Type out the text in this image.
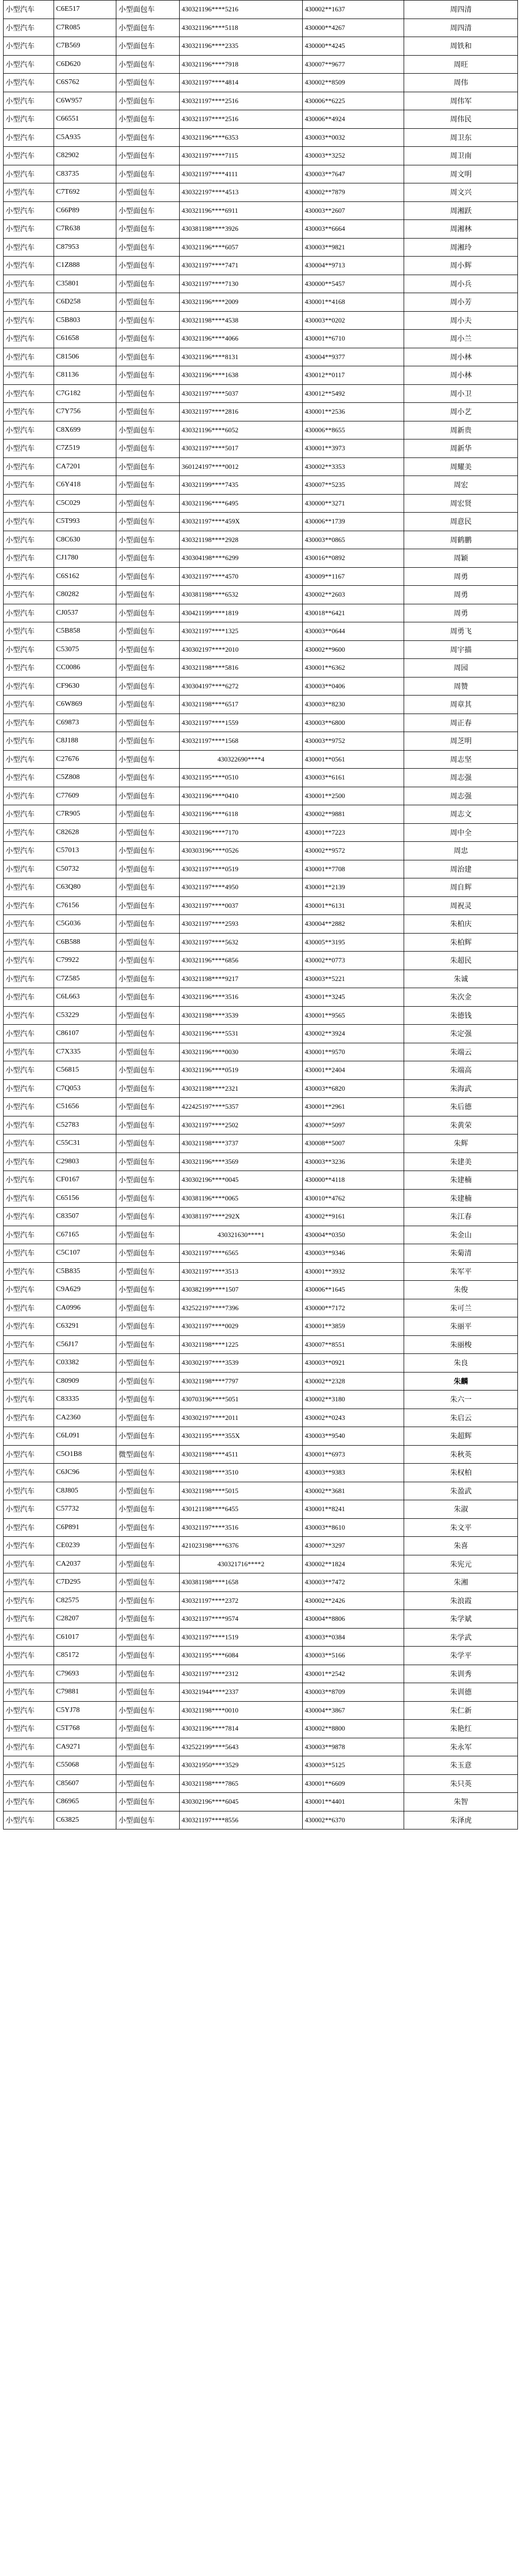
小型汽车	C6E517	小型面包车	430321196****5216	430002**1637	周四清
小型汽车	C7R085	小型面包车	430321196****5118	430000**4267	周四清
小型汽车	C7B569	小型面包车	430321196****2335	430000**4245	周铁和
小型汽车	C6D620	小型面包车	430321196****7918	430007**9677	周旺
小型汽车	C6S762	小型面包车	430321197****4814	430002**8509	周伟
小型汽车	C6W957	小型面包车	430321197****2516	430006**6225	周伟军
小型汽车	C66551	小型面包车	430321197****2516	430006**4924	周伟民
小型汽车	C5A935	小型面包车	430321196****6353	430003**0032	周卫东
小型汽车	C82902	小型面包车	430321197****7115	430003**3252	周卫南
小型汽车	C83735	小型面包车	430321197****4111	430003**7647	周文明
小型汽车	C7T692	小型面包车	430322197****4513	430002**7879	周文兴
小型汽车	C66P89	小型面包车	430321196****6911	430003**2607	周湘跃
小型汽车	C7R638	小型面包车	430381198****3926	430003**6664	周湘林
小型汽车	C87953	小型面包车	430321196****6057	430003**9821	周湘玲
小型汽车	C1Z888	小型面包车	430321197****7471	430004**9713	周小辉
小型汽车	C35801	小型面包车	430321197****7130	430000**5457	周小兵
小型汽车	C6D258	小型面包车	430321196****2009	430001**4168	周小芳
小型汽车	C5B803	小型面包车	430321198****4538	430003**0202	周小夫
小型汽车	C61658	小型面包车	430321196****4066	430001**6710	周小兰
小型汽车	C81506	小型面包车	430321196****8131	430004**9377	周小林
小型汽车	C81136	小型面包车	430321196****1638	430012**0117	周小林
小型汽车	C7G182	小型面包车	430321197****5037	430012**5492	周小卫
小型汽车	C7Y756	小型面包车	430321197****2816	430001**2536	周小艺
小型汽车	C8X699	小型面包车	430321196****6052	430006**8655	周新贵
小型汽车	C7Z519	小型面包车	430321197****5017	430001**3973	周新华
小型汽车	CA7201	小型面包车	360124197****0012	430002**3353	周耀美
小型汽车	C6Y418	小型面包车	430321199****7435	430007**5235	周宏
小型汽车	C5C029	小型面包车	430321196****6495	430000**3271	周宏贤
小型汽车	C5T993	小型面包车	430321197****459X	430006**1739	周意民
小型汽车	C8C630	小型面包车	430321198****2928	430003**0865	周鹤鹏
小型汽车	CJ1780	小型面包车	430304198****6299	430016**0892	周颖
小型汽车	C6S162	小型面包车	430321197****4570	430009**1167	周勇
小型汽车	C80282	小型面包车	430381198****6532	430002**2603	周勇
小型汽车	CJ0537	小型面包车	430421199****1819	430018**6421	周勇
小型汽车	C5B858	小型面包车	430321197****1325	430003**0644	周勇飞
小型汽车	C53075	小型面包车	430302197****2010	430002**9600	周宇描
小型汽车	CC0086	小型面包车	430321198****5816	430001**6362	周园
小型汽车	CF9630	小型面包车	430304197****6272	430003**0406	周赞
小型汽车	C6W869	小型面包车	430321198****6517	430003**8230	周章其
小型汽车	C69873	小型面包车	430321197****1559	430003**6800	周正春
小型汽车	C8J188	小型面包车	430321197****1568	430003**9752	周芝明
小型汽车	C27676	小型面包车	430322690****4	430001**0561	周志坚
小型汽车	C5Z808	小型面包车	430321195****0510	430003**6161	周志强
小型汽车	C77609	小型面包车	430321196****0410	430001**2500	周志强
小型汽车	C7R905	小型面包车	430321196****6118	430002**9881	周志文
小型汽车	C82628	小型面包车	430321196****7170	430001**7223	周中全
小型汽车	C57013	小型面包车	430303196****0526	430002**9572	周忠
小型汽车	C50732	小型面包车	430321197****0519	430001**7708	周治建
小型汽车	C63Q80	小型面包车	430321197****4950	430001**2139	周自辉
小型汽车	C76156	小型面包车	430321197****0037	430001**6131	周祝灵
小型汽车	C5G036	小型面包车	430321197****2593	430004**2882	朱柏庆
小型汽车	C6B588	小型面包车	430321197****5632	430005**3195	朱柏辉
小型汽车	C79922	小型面包车	430321196****6856	430002**0773	朱超民
小型汽车	C7Z585	小型面包车	430321198****9217	430003**5221	朱诚
小型汽车	C6L663	小型面包车	430321196****3516	430001**3245	朱次金
小型汽车	C53229	小型面包车	430321198****3539	430001**9565	朱德钱
小型汽车	C86107	小型面包车	430321196****5531	430002**3924	朱定强
小型汽车	C7X335	小型面包车	430321196****0030	430001**9570	朱端云
小型汽车	C56815	小型面包车	430321196****0519	430001**2404	朱端高
小型汽车	C7Q053	小型面包车	430321198****2321	430003**6820	朱海武
小型汽车	C51656	小型面包车	422425197****5357	430001**2961	朱后德
小型汽车	C52783	小型面包车	430321197****2502	430007**5097	朱黄荣
小型汽车	C55C31	小型面包车	430321198****3737	430008**5007	朱辉
小型汽车	C29803	小型面包车	430321196****3569	430003**3236	朱建美
小型汽车	CF0167	小型面包车	430302196****0045	430000**4118	朱建楠
小型汽车	C65156	小型面包车	430381196****0065	430010**4762	朱建楠
小型汽车	C83507	小型面包车	430381197****292X	430002**9161	朱江春
小型汽车	C67165	小型面包车	430321630****1	430004**0350	朱金山
小型汽车	C5C107	小型面包车	430321197****6565	430003**9346	朱菊清
小型汽车	C5B835	小型面包车	430321197****3513	430001**3932	朱军平
小型汽车	C9A629	小型面包车	430382199****1507	430006**1645	朱俊
小型汽车	CA0996	小型面包车	432522197****7396	430000**7172	朱可兰
小型汽车	C63291	小型面包车	430321197****0029	430001**3859	朱丽平
小型汽车	C56J17	小型面包车	430321198****1225	430007**8551	朱丽梭
小型汽车	C03382	小型面包车	430302197****3539	430003**0921	朱良
小型汽车	C80909	小型面包车	430321198****7797	430002**2328	朱麟
小型汽车	C83335	小型面包车	430703196****5051	430002**3180	朱六一
小型汽车	CA2360	小型面包车	430302197****2011	430002**0243	朱启云
小型汽车	C6L091	小型面包车	430321195****355X	430003**9540	朱超辉
小型汽车	C5O1B8	微型面包车	430321198****4511	430001**6973	朱秋英
小型汽车	C6JC96	小型面包车	430321198****3510	430003**9383	朱权柏
小型汽车	C8J805	小型面包车	430321198****5015	430002**3681	朱盈武
小型汽车	C57732	小型面包车	430121198****6455	430001**8241	朱淑
小型汽车	C6P891	小型面包车	430321197****3516	430003**8610	朱文平
小型汽车	CE0239	小型面包车	421023198****6376	430007**3297	朱喜
小型汽车	CA2037	小型面包车	430321716****2	430002**1824	朱宪元
小型汽车	C7D295	小型面包车	430381198****1658	430003**7472	朱湘
小型汽车	C82575	小型面包车	430321197****2372	430002**2426	朱浪霞
小型汽车	C28207	小型面包车	430321197****9574	430004**8806	朱学斌
小型汽车	C61017	小型面包车	430321197****1519	430003**0384	朱学武
小型汽车	C85172	小型面包车	430321195****6084	430003**5166	朱学平
小型汽车	C79693	小型面包车	430321197****2312	430001**2542	朱训秀
小型汽车	C79881	小型面包车	430321944****2337	430003**8709	朱训德
小型汽车	C5YJ78	小型面包车	430321198****0010	430004**3867	朱仁新
小型汽车	C5T768	小型面包车	430321196****7814	430002**8800	朱艳红
小型汽车	CA9271	小型面包车	432522199****5643	430003**9878	朱永军
小型汽车	C55068	小型面包车	430321950****3529	430003**5125	朱玉意
小型汽车	C85607	小型面包车	430321198****7865	430001**6609	朱只英
小型汽车	C86965	小型面包车	430302196****6045	430001**4401	朱智
小型汽车	C63825	小型面包车	430321197****8556	430002**6370	朱泽虎
